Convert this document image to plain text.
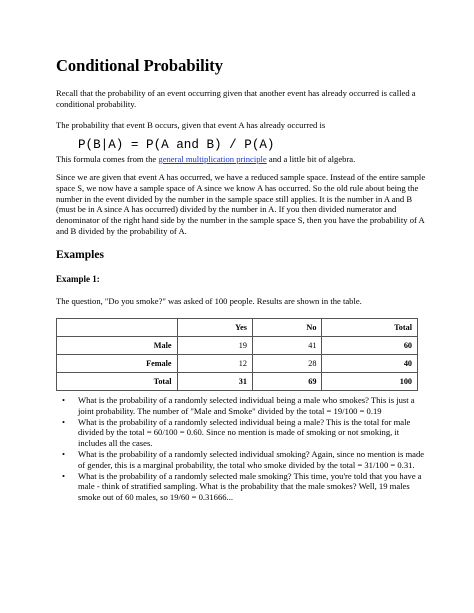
Conditional Probability

Recall that the probability of an event occurring given that another event has already occurred is called a conditional probability.

The probability that event B occurs, given that event A has already occurred is

P(B|A) = P(A and B) / P(A)

This formula comes from the general multiplication principle and a little bit of algebra.

Since we are given that event A has occurred, we have a reduced sample space. Instead of the entire sample space S, we now have a sample space of A since we know A has occurred. So the old rule about being the number in the event divided by the number in the sample space still applies. It is the number in A and B (must be in A since A has occurred) divided by the number in A. If you then divided numerator and denominator of the right hand side by the number in the sample space S, then you have the probability of A and B divided by the probability of A.

Examples
Example 1:

The question, "Do you smoke?" was asked of 100 people. Results are shown in the table.

	Yes	No	Total
Male	19	41	60
Female	12	28	40
Total	31	69	100
• What is the probability of a randomly selected individual being a male who smokes? This is just a joint probability. The number of "Male and Smoke" divided by the total = 19/100 = 0.19
• What is the probability of a randomly selected individual being a male? This is the total for male divided by the total = 60/100 = 0.60. Since no mention is made of smoking or not smoking, it includes all the cases.
• What is the probability of a randomly selected individual smoking? Again, since no mention is made of gender, this is a marginal probability, the total who smoke divided by the total = 31/100 = 0.31.
• What is the probability of a randomly selected male smoking? This time, you're told that you have a male - think of stratified sampling. What is the probability that the male smokes? Well, 19 males smoke out of 60 males, so 19/60 = 0.31666...
